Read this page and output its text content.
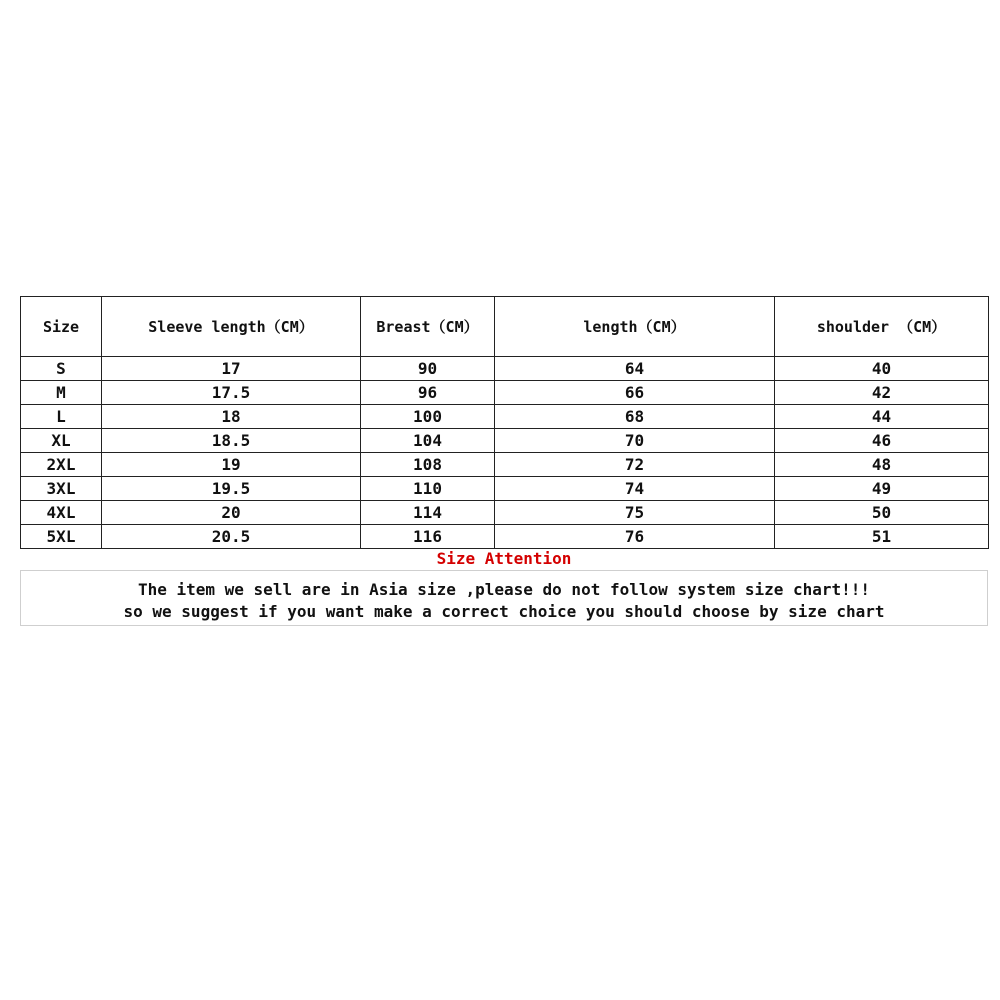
Size	Sleeve length（CM）	Breast（CM）	length（CM）	shoulder （CM）
S	17	90	64	40
M	17.5	96	66	42
L	18	100	68	44
XL	18.5	104	70	46
2XL	19	108	72	48
3XL	19.5	110	74	49
4XL	20	114	75	50
5XL	20.5	116	76	51
Size Attention
The item we sell are in Asia size ,please do not follow system size chart!!!
so we suggest if you want make a correct choice you should choose by size chart
